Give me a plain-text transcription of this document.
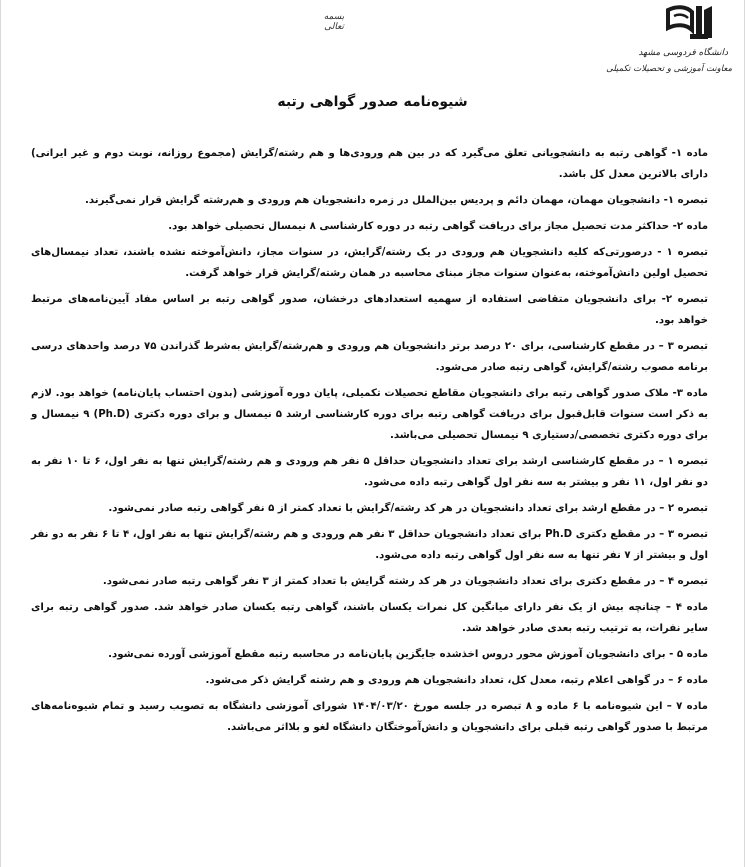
دانشگاه فردوسی مشهد
معاونت آموزشی و تحصیلات تکمیلی
بسمه تعالی
شیوه‌نامه صدور گواهی رتبه

ماده ۱- گواهی رتبه به دانشجویانی تعلق می‌گیرد که در بین هم ورودی‌ها و هم رشته/گرایش (مجموع روزانه، نوبت دوم و غیر ایرانی) دارای بالاترین معدل کل باشد.

تبصره ۱- دانشجویان مهمان، مهمان دائم و پردیس بین‌الملل در زمره دانشجویان هم ورودی و هم‌رشته گرایش قرار نمی‌گیرند.

ماده ۲- حداکثر مدت تحصیل مجاز برای دریافت گواهی رتبه در دوره کارشناسی ۸ نیمسال تحصیلی خواهد بود.

تبصره ۱ - درصورتی‌که کلیه دانشجویان هم ورودی در یک رشته/گرایش، در سنوات مجاز، دانش‌آموخته نشده باشند، تعداد نیمسال‌های تحصیل اولین دانش‌آموخته، به‌عنوان سنوات مجاز مبنای محاسبه در همان رشته/گرایش قرار خواهد گرفت.

تبصره ۲- برای دانشجویان متقاضی استفاده از سهمیه استعدادهای درخشان، صدور گواهی رتبه بر اساس مفاد آیین‌نامه‌های مرتبط خواهد بود.

تبصره ۳ – در مقطع کارشناسی، برای ۲۰ درصد برتر دانشجویان هم ورودی و هم‌رشته/گرایش به‌شرط گذراندن ۷۵ درصد واحدهای درسی برنامه مصوب رشته/گرایش، گواهی رتبه صادر می‌شود.

ماده ۳- ملاک صدور گواهی رتبه برای دانشجویان مقاطع تحصیلات تکمیلی، پایان دوره آموزشی (بدون احتساب پایان‌نامه) خواهد بود. لازم به ذکر است سنوات قابل‌قبول برای دریافت گواهی رتبه برای دوره کارشناسی ارشد ۵ نیمسال و برای دوره دکتری (Ph.D) ۹ نیمسال و برای دوره دکتری تخصصی/دستیاری ۹ نیمسال تحصیلی می‌باشد.

تبصره ۱ – در مقطع کارشناسی ارشد برای تعداد دانشجویان حداقل ۵ نفر هم ورودی و هم رشته/گرایش تنها به نفر اول، ۶ تا ۱۰ نفر به دو نفر اول، ۱۱ نفر و بیشتر به سه نفر اول گواهی رتبه داده می‌شود.

تبصره ۲ – در مقطع ارشد برای تعداد دانشجویان در هر کد رشته/گرایش با تعداد کمتر از ۵ نفر گواهی رتبه صادر نمی‌شود.

تبصره ۳ – در مقطع دکتری Ph.D برای تعداد دانشجویان حداقل ۳ نفر هم ورودی و هم رشته/گرایش تنها به نفر اول، ۴ تا ۶ نفر به دو نفر اول و بیشتر از ۷ نفر تنها به سه نفر اول گواهی رتبه داده می‌شود.

تبصره ۴ – در مقطع دکتری برای تعداد دانشجویان در هر کد رشته گرایش با تعداد کمتر از ۳ نفر گواهی رتبه صادر نمی‌شود.

ماده ۴ – چنانچه بیش از یک نفر دارای میانگین کل نمرات یکسان باشند، گواهی رتبه یکسان صادر خواهد شد. صدور گواهی رتبه برای سایر نفرات، به ترتیب رتبه بعدی صادر خواهد شد.

ماده ۵ - برای دانشجویان آموزش محور دروس اخذشده جایگزین پایان‌نامه در محاسبه رتبه مقطع آموزشی آورده نمی‌شود.

ماده ۶ – در گواهی اعلام رتبه، معدل کل، تعداد دانشجویان هم ورودی و هم رشته گرایش ذکر می‌شود.

ماده ۷ – این شیوه‌نامه با ۶ ماده و ۸ تبصره در جلسه مورخ ۱۴۰۴/۰۳/۲۰ شورای آموزشی دانشگاه به تصویب رسید و تمام شیوه‌نامه‌های مرتبط با صدور گواهی رتبه قبلی برای دانشجویان و دانش‌آموختگان دانشگاه لغو و بلااثر می‌باشد.
